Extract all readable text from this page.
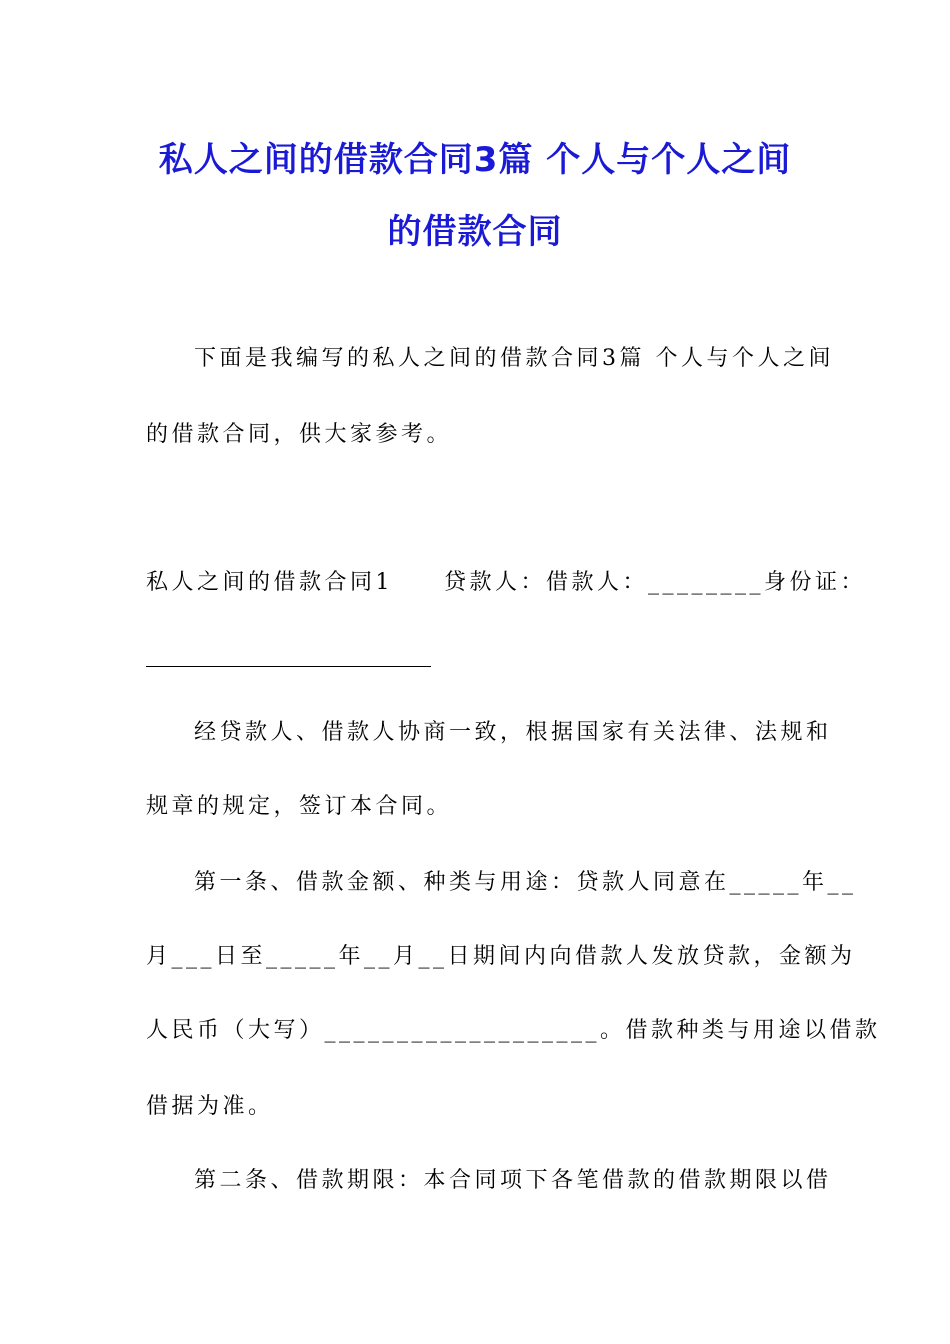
私人之间的借款合同3篇 个人与个人之间
的借款合同
下面是我编写的私人之间的借款合同3篇 个人与个人之间
的借款合同，供大家参考。
私人之间的借款合同1　　贷款人：借款人：________身份证：
经贷款人、借款人协商一致，根据国家有关法律、法规和
规章的规定，签订本合同。
第一条、借款金额、种类与用途：贷款人同意在_____年__
月___日至_____年__月__日期间内向借款人发放贷款，金额为
人民币（大写）___________________。借款种类与用途以借款
借据为准。
第二条、借款期限：本合同项下各笔借款的借款期限以借
